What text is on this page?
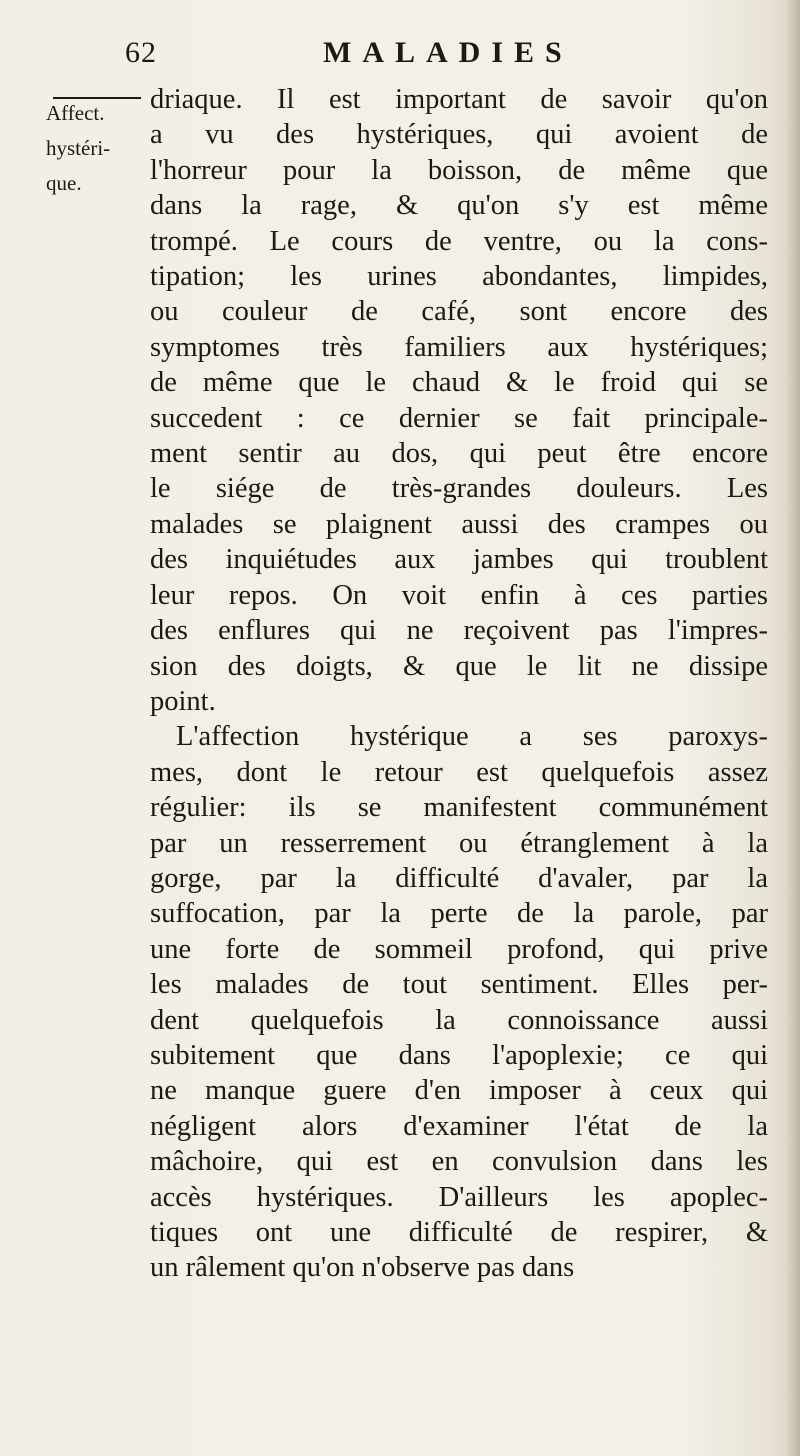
62	MALADIES
Affect.
hystéri-
que.
driaque. Il est important de savoir qu'on
a vu des hystériques, qui avoient de
l'horreur pour la boisson, de même que
dans la rage, & qu'on s'y est même
trompé. Le cours de ventre, ou la cons-
tipation; les urines abondantes, limpides,
ou couleur de café, sont encore des
symptomes très familiers aux hystériques;
de même que le chaud & le froid qui se
succedent : ce dernier se fait principale-
ment sentir au dos, qui peut être encore
le siége de très-grandes douleurs. Les
malades se plaignent aussi des crampes ou
des inquiétudes aux jambes qui troublent
leur repos. On voit enfin à ces parties
des enflures qui ne reçoivent pas l'impres-
sion des doigts, & que le lit ne dissipe
point.
L'affection hystérique a ses paroxys-
mes, dont le retour est quelquefois assez
régulier: ils se manifestent communément
par un resserrement ou étranglement à la
gorge, par la difficulté d'avaler, par la
suffocation, par la perte de la parole, par
une forte de sommeil profond, qui prive
les malades de tout sentiment. Elles per-
dent quelquefois la connoissance aussi
subitement que dans l'apoplexie; ce qui
ne manque guere d'en imposer à ceux qui
négligent alors d'examiner l'état de la
mâchoire, qui est en convulsion dans les
accès hystériques. D'ailleurs les apoplec-
tiques ont une difficulté de respirer, &
un râlement qu'on n'observe pas dans
